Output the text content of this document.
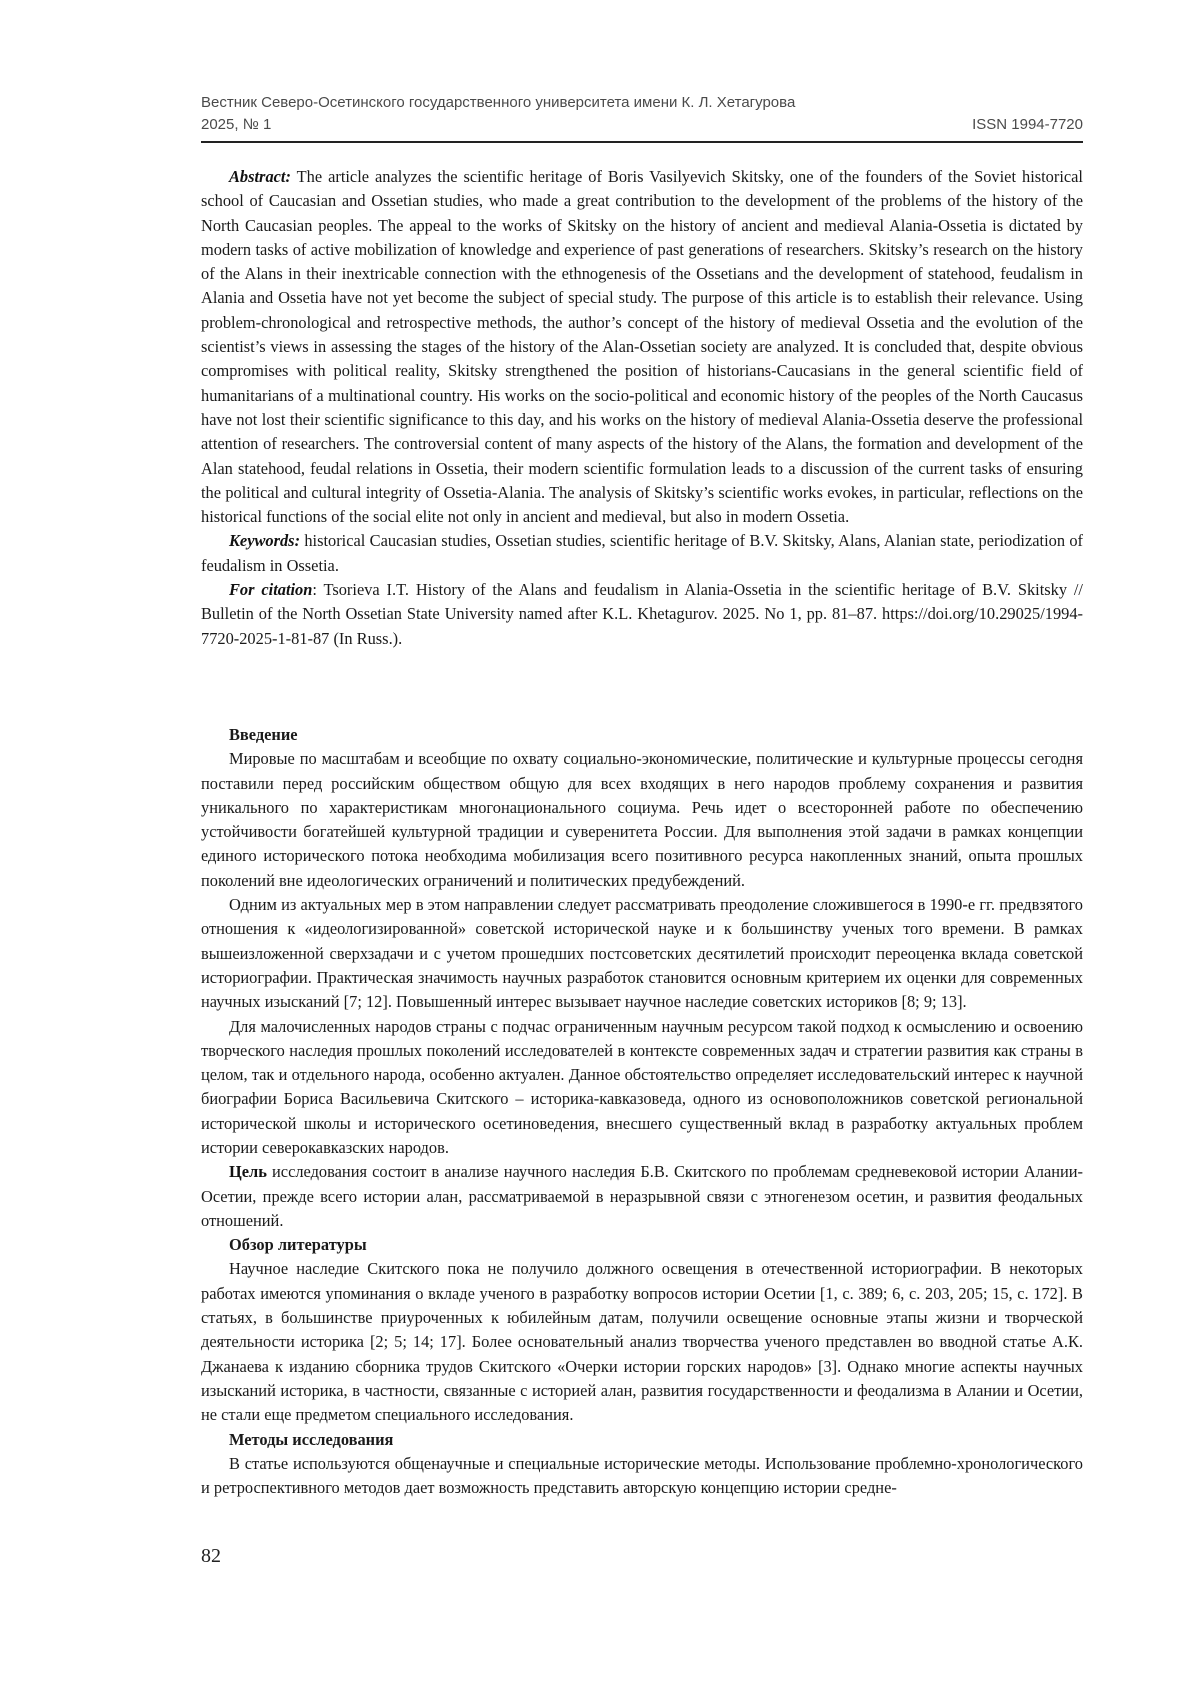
Вестник Северо-Осетинского государственного университета имени К. Л. Хетагурова
2025, № 1	ISSN 1994-7720

Abstract: The article analyzes the scientific heritage of Boris Vasilyevich Skitsky, one of the founders of the Soviet historical school of Caucasian and Ossetian studies, who made a great contribution to the development of the problems of the history of the North Caucasian peoples. The appeal to the works of Skitsky on the history of ancient and medieval Alania-Ossetia is dictated by modern tasks of active mobilization of knowledge and experience of past generations of researchers. Skitsky’s research on the history of the Alans in their inextricable connection with the ethnogenesis of the Ossetians and the development of statehood, feudalism in Alania and Ossetia have not yet become the subject of special study. The purpose of this article is to establish their relevance. Using problem-chronological and retrospective methods, the author’s concept of the history of medieval Ossetia and the evolution of the scientist’s views in assessing the stages of the history of the Alan-Ossetian society are analyzed. It is concluded that, despite obvious compromises with political reality, Skitsky strengthened the position of historians-Caucasians in the general scientific field of humanitarians of a multinational country. His works on the socio-political and economic history of the peoples of the North Caucasus have not lost their scientific significance to this day, and his works on the history of medieval Alania-Ossetia deserve the professional attention of researchers. The controversial content of many aspects of the history of the Alans, the formation and development of the Alan statehood, feudal relations in Ossetia, their modern scientific formulation leads to a discussion of the current tasks of ensuring the political and cultural integrity of Ossetia-Alania. The analysis of Skitsky’s scientific works evokes, in particular, reflections on the historical functions of the social elite not only in ancient and medieval, but also in modern Ossetia.

Keywords: historical Caucasian studies, Ossetian studies, scientific heritage of B.V. Skitsky, Alans, Alanian state, periodization of feudalism in Ossetia.

For citation: Tsorieva I.T. History of the Alans and feudalism in Alania-Ossetia in the scientific heritage of B.V. Skitsky // Bulletin of the North Ossetian State University named after K.L. Khetagurov. 2025. No 1, pp. 81–87. https://doi.org/10.29025/1994-7720-2025-1-81-87 (In Russ.).

Введение

Мировые по масштабам и всеобщие по охвату социально-экономические, политические и культурные процессы сегодня поставили перед российским обществом общую для всех входящих в него народов проблему сохранения и развития уникального по характеристикам многонационального социума. Речь идет о всесторонней работе по обеспечению устойчивости богатейшей культурной традиции и суверенитета России. Для выполнения этой задачи в рамках концепции единого исторического потока необходима мобилизация всего позитивного ресурса накопленных знаний, опыта прошлых поколений вне идеологических ограничений и политических предубеждений.

Одним из актуальных мер в этом направлении следует рассматривать преодоление сложившегося в 1990-е гг. предвзятого отношения к «идеологизированной» советской исторической науке и к большинству ученых того времени. В рамках вышеизложенной сверхзадачи и с учетом прошедших постсоветских десятилетий происходит переоценка вклада советской историографии. Практическая значимость научных разработок становится основным критерием их оценки для современных научных изысканий [7; 12]. Повышенный интерес вызывает научное наследие советских историков [8; 9; 13].

Для малочисленных народов страны с подчас ограниченным научным ресурсом такой подход к осмыслению и освоению творческого наследия прошлых поколений исследователей в контексте современных задач и стратегии развития как страны в целом, так и отдельного народа, особенно актуален. Данное обстоятельство определяет исследовательский интерес к научной биографии Бориса Васильевича Скитского – историка-кавказоведа, одного из основоположников советской региональной исторической школы и исторического осетиноведения, внесшего существенный вклад в разработку актуальных проблем истории северокавказских народов.

Цель исследования состоит в анализе научного наследия Б.В. Скитского по проблемам средневековой истории Алании-Осетии, прежде всего истории алан, рассматриваемой в неразрывной связи с этногенезом осетин, и развития феодальных отношений.

Обзор литературы

Научное наследие Скитского пока не получило должного освещения в отечественной историографии. В некоторых работах имеются упоминания о вкладе ученого в разработку вопросов истории Осетии [1, с. 389; 6, с. 203, 205; 15, с. 172]. В статьях, в большинстве приуроченных к юбилейным датам, получили освещение основные этапы жизни и творческой деятельности историка [2; 5; 14; 17]. Более основательный анализ творчества ученого представлен во вводной статье А.К. Джанаева к изданию сборника трудов Скитского «Очерки истории горских народов» [3]. Однако многие аспекты научных изысканий историка, в частности, связанные с историей алан, развития государственности и феодализма в Алании и Осетии, не стали еще предметом специального исследования.

Методы исследования

В статье используются общенаучные и специальные исторические методы. Использование проблемно-хронологического и ретроспективного методов дает возможность представить авторскую концепцию истории средне-

82
